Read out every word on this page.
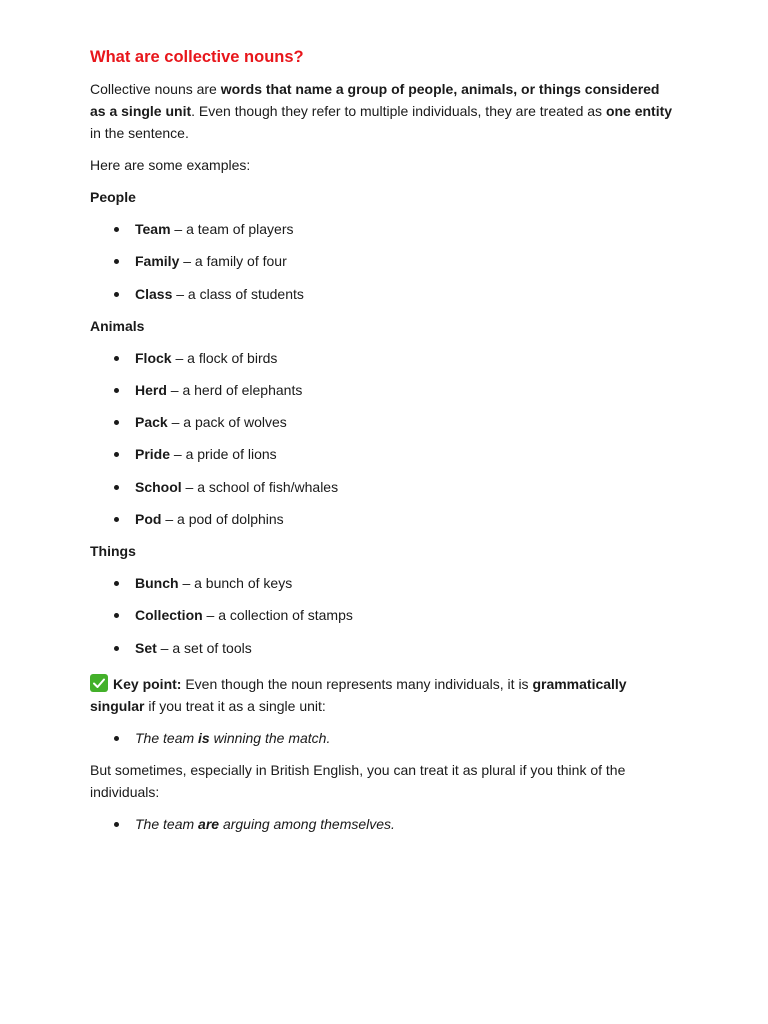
What are collective nouns?

Collective nouns are words that name a group of people, animals, or things considered as a single unit. Even though they refer to multiple individuals, they are treated as one entity in the sentence.

Here are some examples:

People
Team – a team of players
Family – a family of four
Class – a class of students
Animals
Flock – a flock of birds
Herd – a herd of elephants
Pack – a pack of wolves
Pride – a pride of lions
School – a school of fish/whales
Pod – a pod of dolphins
Things
Bunch – a bunch of keys
Collection – a collection of stamps
Set – a set of tools

Key point: Even though the noun represents many individuals, it is grammatically singular if you treat it as a single unit:

The team is winning the match.

But sometimes, especially in British English, you can treat it as plural if you think of the individuals:

The team are arguing among themselves.
